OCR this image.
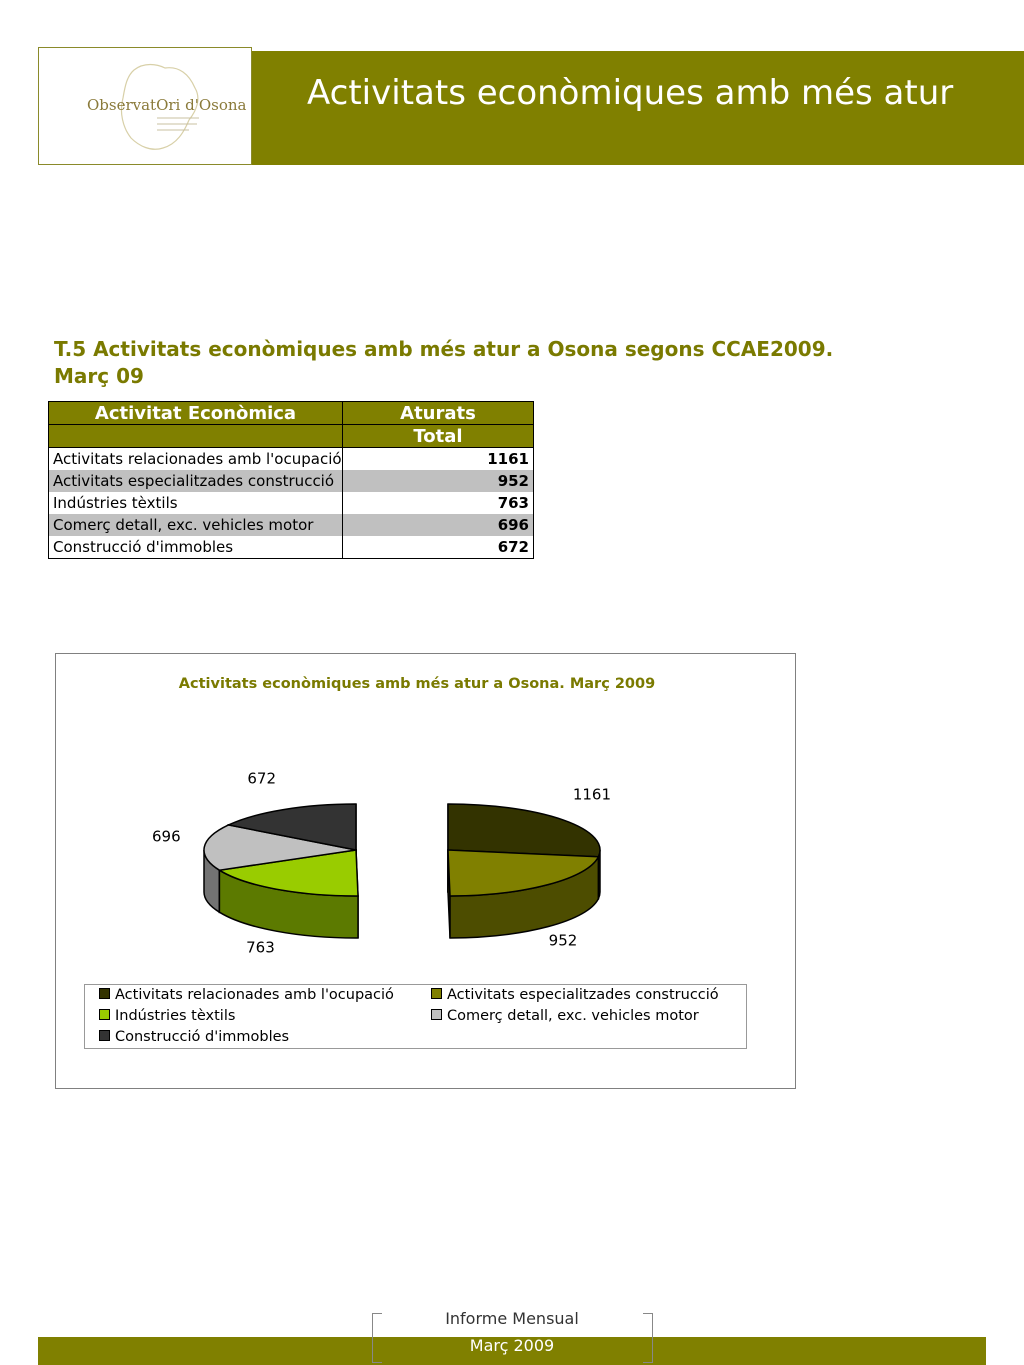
ObservatOri d'Osona Activitats econòmiques amb més atur
T.5 Activitats econòmiques amb més atur a Osona segons CCAE2009.
Març 09
Activitat Econòmica	Aturats
	Total
Activitats relacionades amb l'ocupació	1161
Activitats especialitzades construcció	952
Indústries tèxtils	763
Comerç detall, exc. vehicles motor	696
Construcció d'immobles	672
Activitats econòmiques amb més atur a Osona. Març 2009
1161
952
763
696
672
Activitats relacionades amb l'ocupació	Activitats especialitzades construcció
Indústries tèxtils	Comerç detall, exc. vehicles motor
Construcció d'immobles
Informe Mensual
Març 2009
